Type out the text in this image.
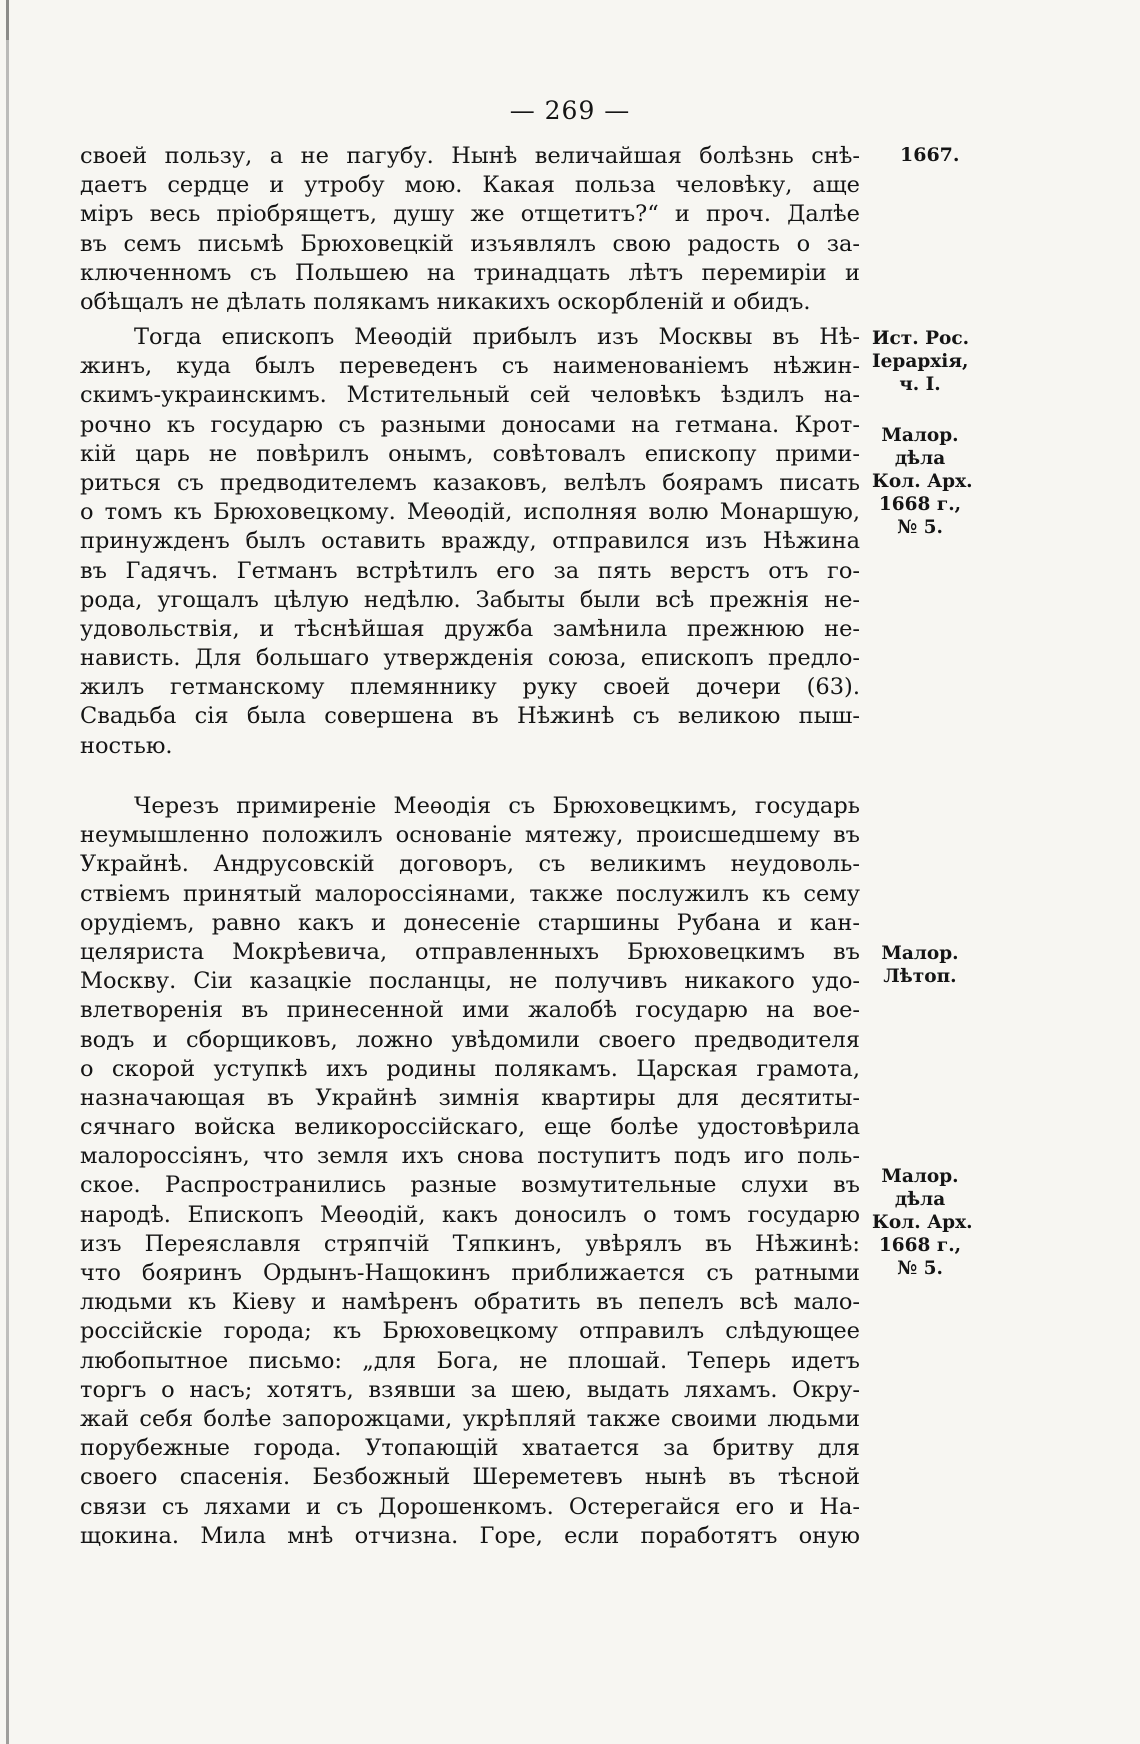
— 269 —
своей пользу, а не пагубу. Нынѣ величайшая болѣзнь снѣ-
даетъ сердце и утробу мою. Какая польза человѣку, аще
міръ весь пріобрящетъ, душу же отщетитъ?“ и проч. Далѣе
въ семъ письмѣ Брюховецкій изъявлялъ свою радость о за-
ключенномъ съ Польшею на тринадцать лѣтъ перемиріи и
обѣщалъ не дѣлать полякамъ никакихъ оскорбленій и обидъ.
Тогда епископъ Меѳодій прибылъ изъ Москвы въ Нѣ-
жинъ, куда былъ переведенъ съ наименованіемъ нѣжин-
скимъ-украинскимъ. Мстительный сей человѣкъ ѣздилъ на-
рочно къ государю съ разными доносами на гетмана. Крот-
кій царь не повѣрилъ онымъ, совѣтовалъ епископу прими-
риться съ предводителемъ казаковъ, велѣлъ боярамъ писать
о томъ къ Брюховецкому. Меѳодій, исполняя волю Монаршую,
принужденъ былъ оставить вражду, отправился изъ Нѣжина
въ Гадячъ. Гетманъ встрѣтилъ его за пять верстъ отъ го-
рода, угощалъ цѣлую недѣлю. Забыты были всѣ прежнія не-
удовольствія, и тѣснѣйшая дружба замѣнила прежнюю не-
нависть. Для большаго утвержденія союза, епископъ предло-
жилъ гетманскому племяннику руку своей дочери (63).
Свадьба сія была совершена въ Нѣжинѣ съ великою пыш-
ностью.
Черезъ примиреніе Меѳодія съ Брюховецкимъ, государь
неумышленно положилъ основаніе мятежу, происшедшему въ
Украйнѣ. Андрусовскій договоръ, съ великимъ неудоволь-
ствіемъ принятый малороссіянами, также послужилъ къ сему
орудіемъ, равно какъ и донесеніе старшины Рубана и кан-
целяриста Мокрѣевича, отправленныхъ Брюховецкимъ въ
Москву. Сіи казацкіе посланцы, не получивъ никакого удо-
влетворенія въ принесенной ими жалобѣ государю на вое-
водъ и сборщиковъ, ложно увѣдомили своего предводителя
о скорой уступкѣ ихъ родины полякамъ. Царская грамота,
назначающая въ Украйнѣ зимнія квартиры для десятиты-
сячнаго войска великороссійскаго, еще болѣе удостовѣрила
малороссіянъ, что земля ихъ снова поступитъ подъ иго поль-
ское. Распространились разные возмутительные слухи въ
народѣ. Епископъ Меѳодій, какъ доносилъ о томъ государю
изъ Переяславля стряпчій Тяпкинъ, увѣрялъ въ Нѣжинѣ:
что бояринъ Ордынъ-Нащокинъ приближается съ ратными
людьми къ Кіеву и намѣренъ обратить въ пепелъ всѣ мало-
россійскіе города; къ Брюховецкому отправилъ слѣдующее
любопытное письмо: „для Бога, не плошай. Теперь идетъ
торгъ о насъ; хотятъ, взявши за шею, выдать ляхамъ. Окру-
жай себя болѣе запорожцами, укрѣпляй также своими людьми
порубежные города. Утопающій хватается за бритву для
своего спасенія. Безбожный Шереметевъ нынѣ въ тѣсной
связи съ ляхами и съ Дорошенкомъ. Остерегайся его и На-
щокина. Мила мнѣ отчизна. Горе, если поработятъ оную
1667.
Ист. Рос.
Іерархія,
ч. I.
Малор.
дѣла
Кол. Арх.
1668 г.,
№ 5.
Малор.
Лѣтоп.
Малор.
дѣла
Кол. Арх.
1668 г.,
№ 5.
